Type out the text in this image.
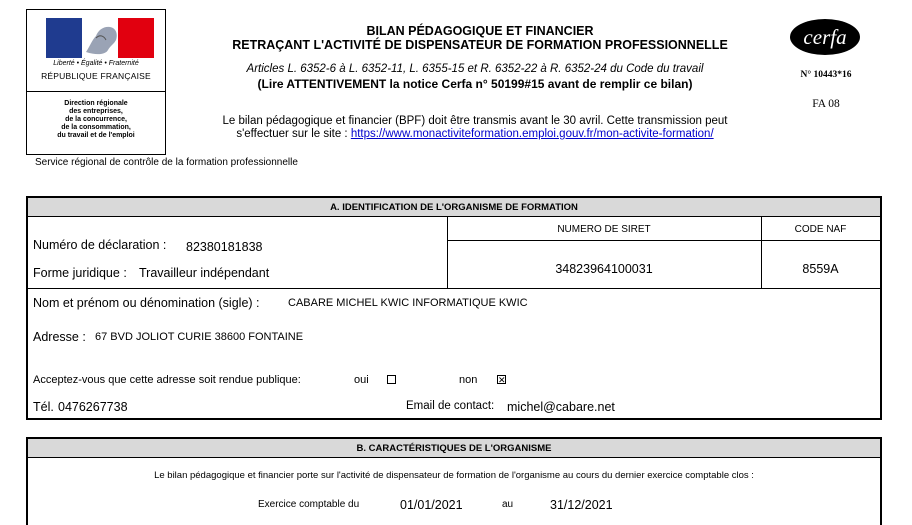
Liberté • Égalité • Fraternité
RÉPUBLIQUE FRANÇAISE
Direction régionale
des entreprises,
de la concurrence,
de la consommation,
du travail et de l'emploi
Service régional de contrôle de la formation professionnelle
BILAN PÉDAGOGIQUE ET FINANCIER
RETRAÇANT L'ACTIVITÉ DE DISPENSATEUR DE FORMATION PROFESSIONNELLE
Articles L. 6352-6 à L. 6352-11, L. 6355-15 et R. 6352-22 à R. 6352-24 du Code du travail
(Lire ATTENTIVEMENT la notice Cerfa n° 50199#15 avant de remplir ce bilan)
Le bilan pédagogique et financier (BPF) doit être transmis avant le 30 avril. Cette transmission peut
s'effectuer sur le site : https://www.monactiviteformation.emploi.gouv.fr/mon-activite-formation/
cerfa
N° 10443*16
FA 08
A. IDENTIFICATION DE L'ORGANISME DE FORMATION
Numéro de déclaration : 82380181838
Forme juridique : Travailleur indépendant
NUMERO DE SIRET	CODE NAF
34823964100031	8559A
Nom et prénom ou dénomination (sigle) :	CABARE MICHEL KWIC INFORMATIQUE KWIC
Adresse : 67 BVD JOLIOT CURIE 38600 FONTAINE
Acceptez-vous que cette adresse soit rendue publique:	oui	non ✕
Tél. 0476267738	Email de contact: michel@cabare.net
B. CARACTÉRISTIQUES DE L'ORGANISME
Le bilan pédagogique et financier porte sur l'activité de dispensateur de formation de l'organisme au cours du dernier exercice comptable clos :
Exercice comptable du	01/01/2021	au	31/12/2021
